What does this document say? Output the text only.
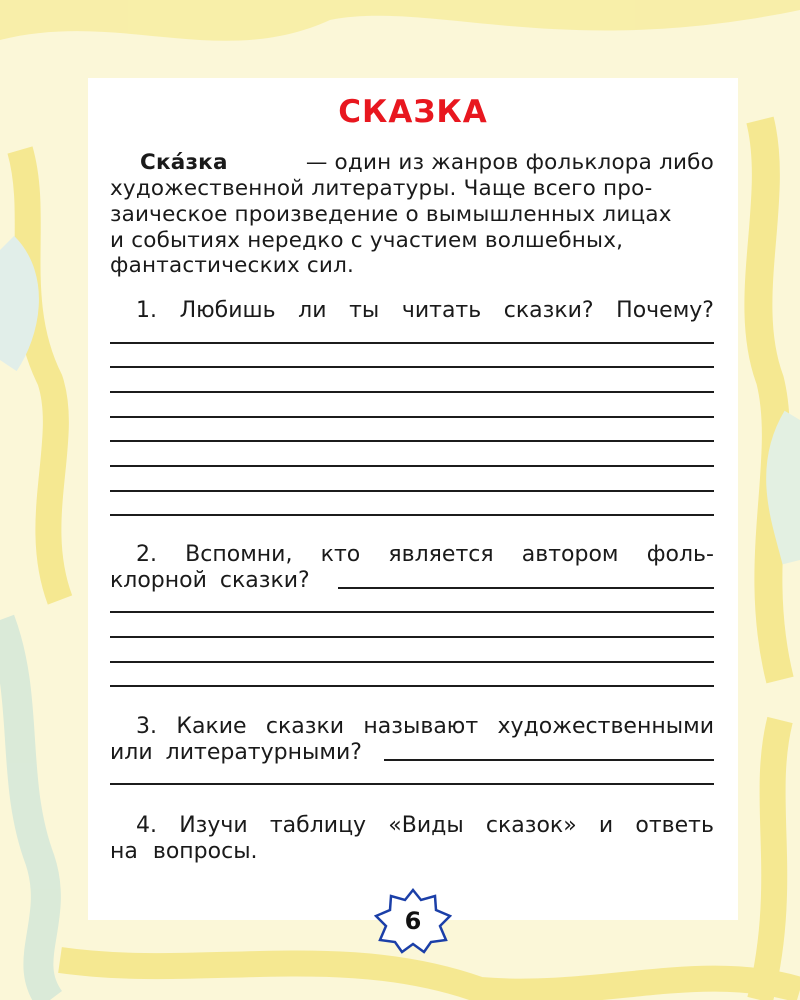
СКАЗКА
Ска́зка	— один из жанров фольклора либо
художественной литературы. Чаще всего про-
заическое произведение о вымышленных лицах
и событиях нередко с участием волшебных,
фантастических сил.
1. Любишь ли ты читать сказки? Почему?
2. Вспомни, кто является автором фоль-
клорной сказки?
3. Какие сказки называют художественными
или литературными?
4. Изучи таблицу «Виды сказок» и ответь
на вопросы.
6
